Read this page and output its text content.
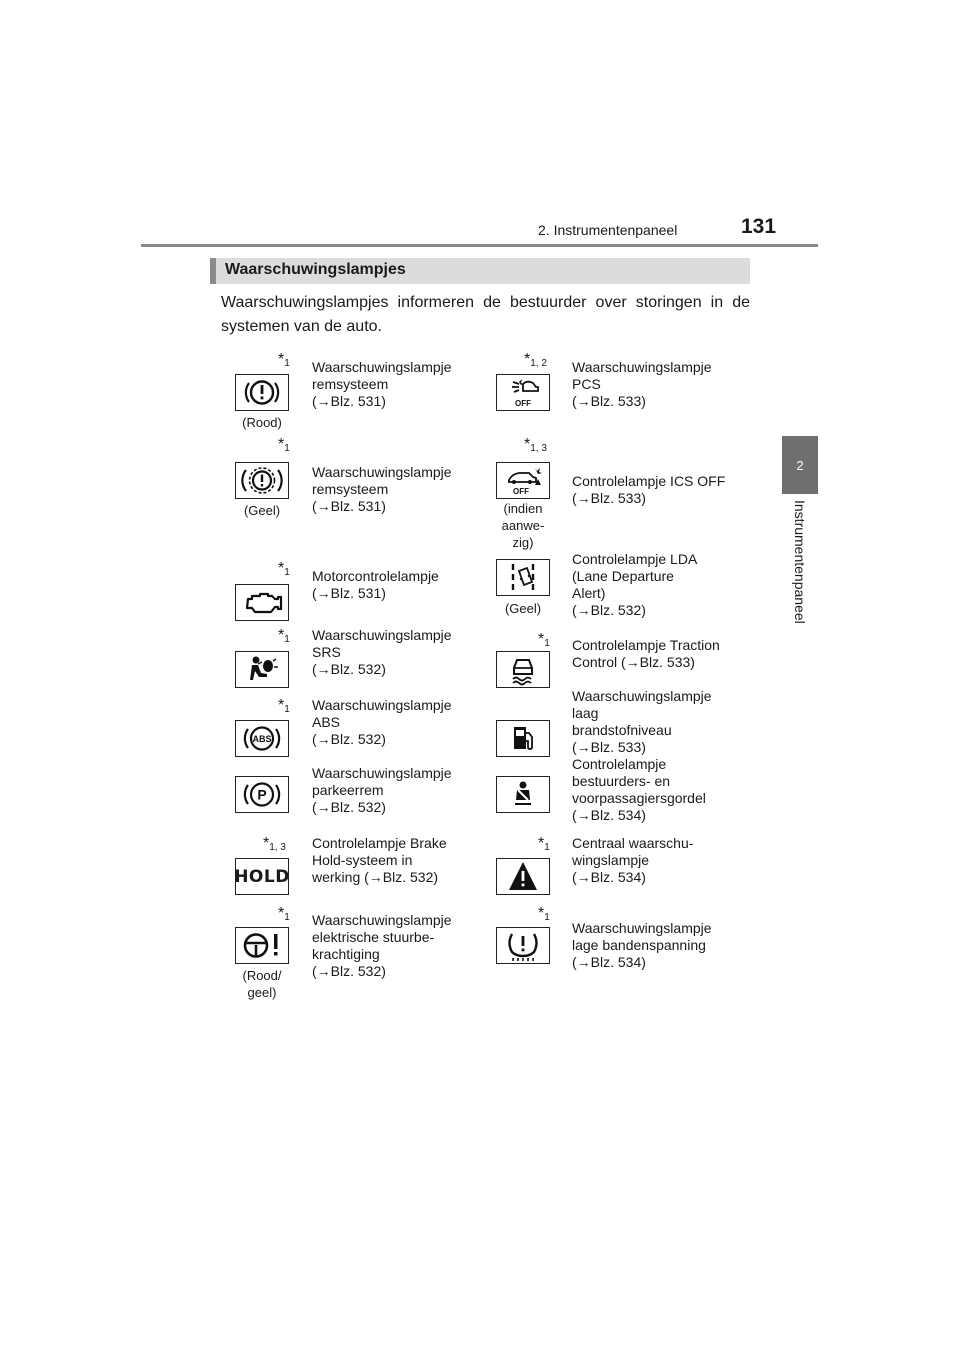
2. Instrumentenpaneel	131
2
Instrumentenpaneel
Waarschuwingslampjes
Waarschuwingslampjes informeren de bestuurder over storingen in de systemen van de auto.
$*_1$
(Rood)
Waarschuwingslampje
remsysteem
(→Blz. 531)
$*_1$
(Geel)
Waarschuwingslampje
remsysteem
(→Blz. 531)
$*_1$ Motorcontrolelampje
(→Blz. 531)
$*_1$ Waarschuwingslampje
SRS
(→Blz. 532)
$*_1$
ABS
Waarschuwingslampje
ABS
(→Blz. 532)
P
Waarschuwingslampje
parkeerrem
(→Blz. 532)
$*_{1, 3}$
HOLD
Controlelampje Brake
Hold-systeem in
werking (→Blz. 532)
$*_1$
(Rood/
geel)
Waarschuwingslampje
elektrische stuurbe-
krachtiging
(→Blz. 532)
$*_{1, 2}$
OFF
Waarschuwingslampje
PCS
(→Blz. 533)
$*_{1, 3}$
OFF
(indien
aanwe-
zig)
Controlelampje ICS OFF
(→Blz. 533)
(Geel)
Controlelampje LDA
(Lane Departure
Alert)
(→Blz. 532)
$*_1$ Controlelampje Traction
Control (→Blz. 533)
Waarschuwingslampje
laag
brandstofniveau
(→Blz. 533)
Controlelampje
bestuurders- en
voorpassagiersgordel
(→Blz. 534)
$*_1$ Centraal waarschu-
wingslampje
(→Blz. 534)
$*_1$
Waarschuwingslampje
lage bandenspanning
(→Blz. 534)
